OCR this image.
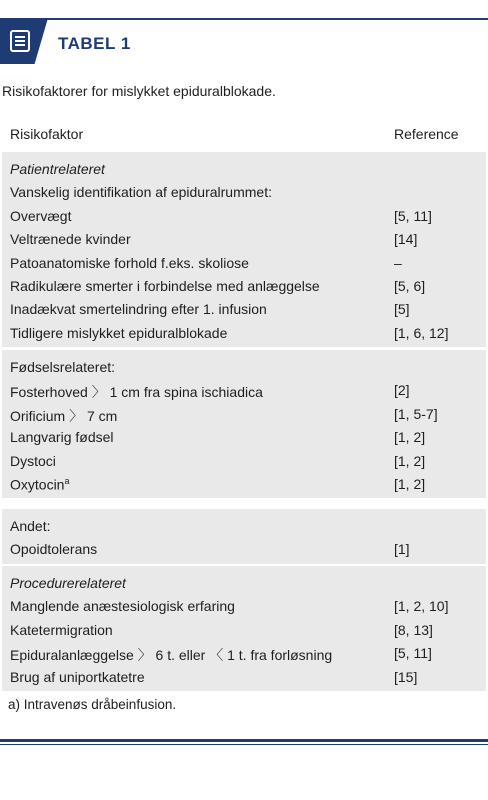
TABEL 1
Risikofaktorer for mislykket epiduralblokade.
Risikofaktor	Reference
Patientrelateret
Vanskelig identifikation af epiduralrummet:
Overvægt	[5, 11]
Veltrænede kvinder	[14]
Patoanatomiske forhold f.eks. skoliose	–
Radikulære smerter i forbindelse med anlæggelse	[5, 6]
Inadækvat smertelindring efter 1. infusion	[5]
Tidligere mislykket epiduralblokade	[1, 6, 12]
Fødselsrelateret:
Fosterhoved 〉 1 cm fra spina ischiadica	[2]
Orificium 〉 7 cm	[1, 5-7]
Langvarig fødsel	[1, 2]
Dystoci	[1, 2]
Oxytocin$^a$	[1, 2]
Andet:
Opoidtolerans	[1]
Procedurerelateret
Manglende anæstesiologisk erfaring	[1, 2, 10]
Katetermigration	[8, 13]
Epiduralanlæggelse 〉 6 t. eller 〈 1 t. fra forløsning	[5, 11]
Brug af uniportkatetre	[15]
a) Intravenøs dråbeinfusion.
